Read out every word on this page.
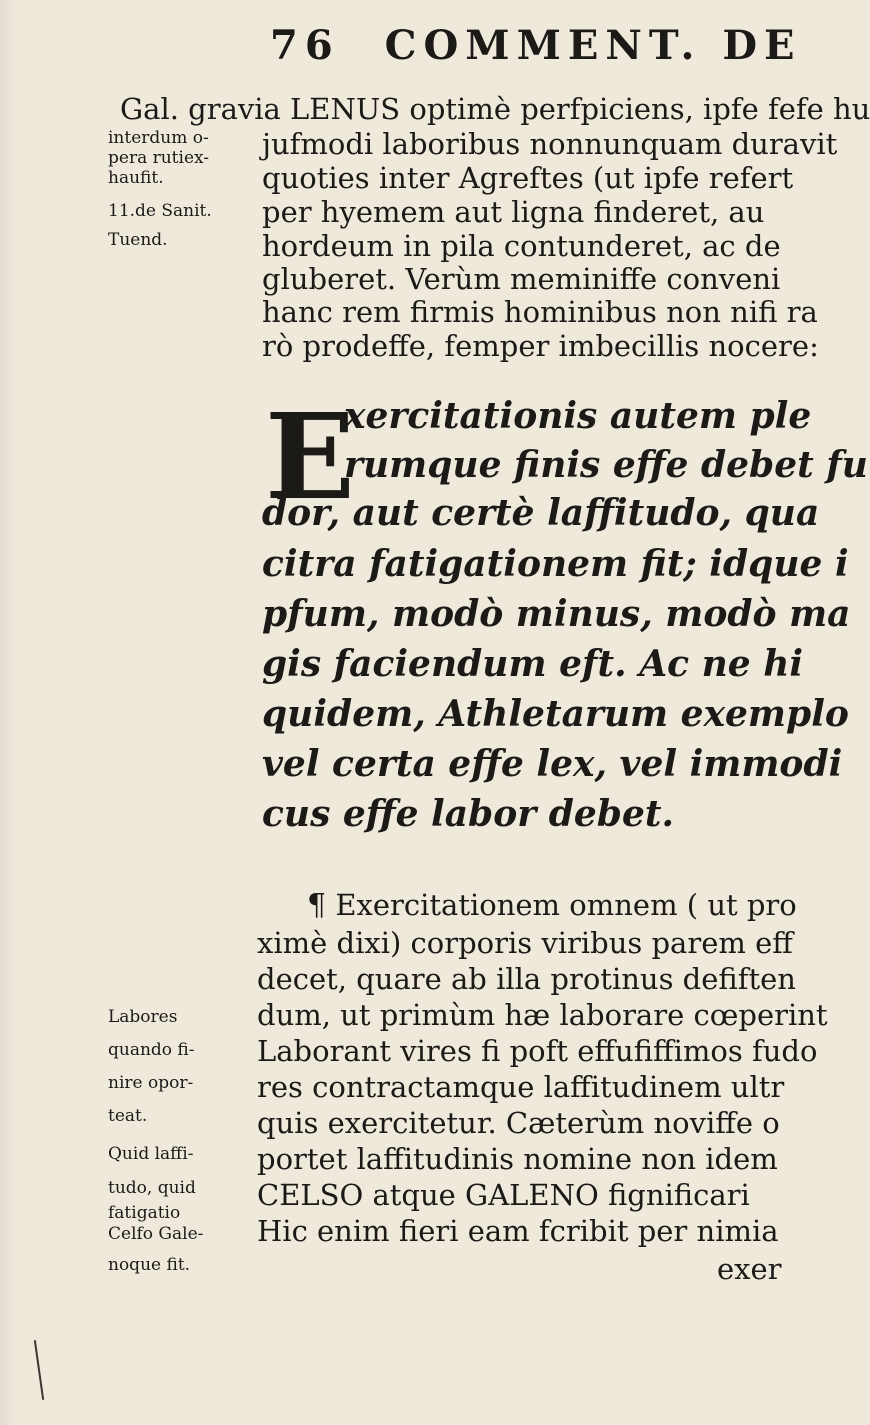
76 COMMENT. DE
Gal. gravia LENUS optimè perfpiciens, ipfe fefe hu
jufmodi laboribus nonnunquam duravit
quoties inter Agreftes (ut ipfe refert
per hyemem aut ligna finderet, au
hordeum in pila contunderet, ac de
gluberet. Verùm meminiffe conveni
hanc rem firmis hominibus non nifi ra
rò prodeffe, femper imbecillis nocere:
E
xercitationis autem ple
rumque finis effe debet fu
dor, aut certè laffitudo, qua
citra fatigationem fit; idque i
pfum, modò minus, modò ma
gis faciendum eft. Ac ne hi
quidem, Athletarum exemplo
vel certa effe lex, vel immodi
cus effe labor debet.
¶ Exercitationem omnem ( ut pro
ximè dixi) corporis viribus parem eff
decet, quare ab illa protinus defiften
dum, ut primùm hæ laborare cœperint
Laborant vires fi poft effufiffimos fudo
res contractamque laffitudinem ultr
quis exercitetur. Cæterùm noviffe o
portet laffitudinis nomine non idem
CELSO atque GALENO fignificari
Hic enim fieri eam fcribit per nimia
exer
interdum o-
pera rutiex-
haufit.
11.de Sanit.
Tuend.
Labores
quando fi-
nire opor-
teat.
Quid laffi-
tudo, quid
fatigatio
Celfo Gale-
noque fit.
